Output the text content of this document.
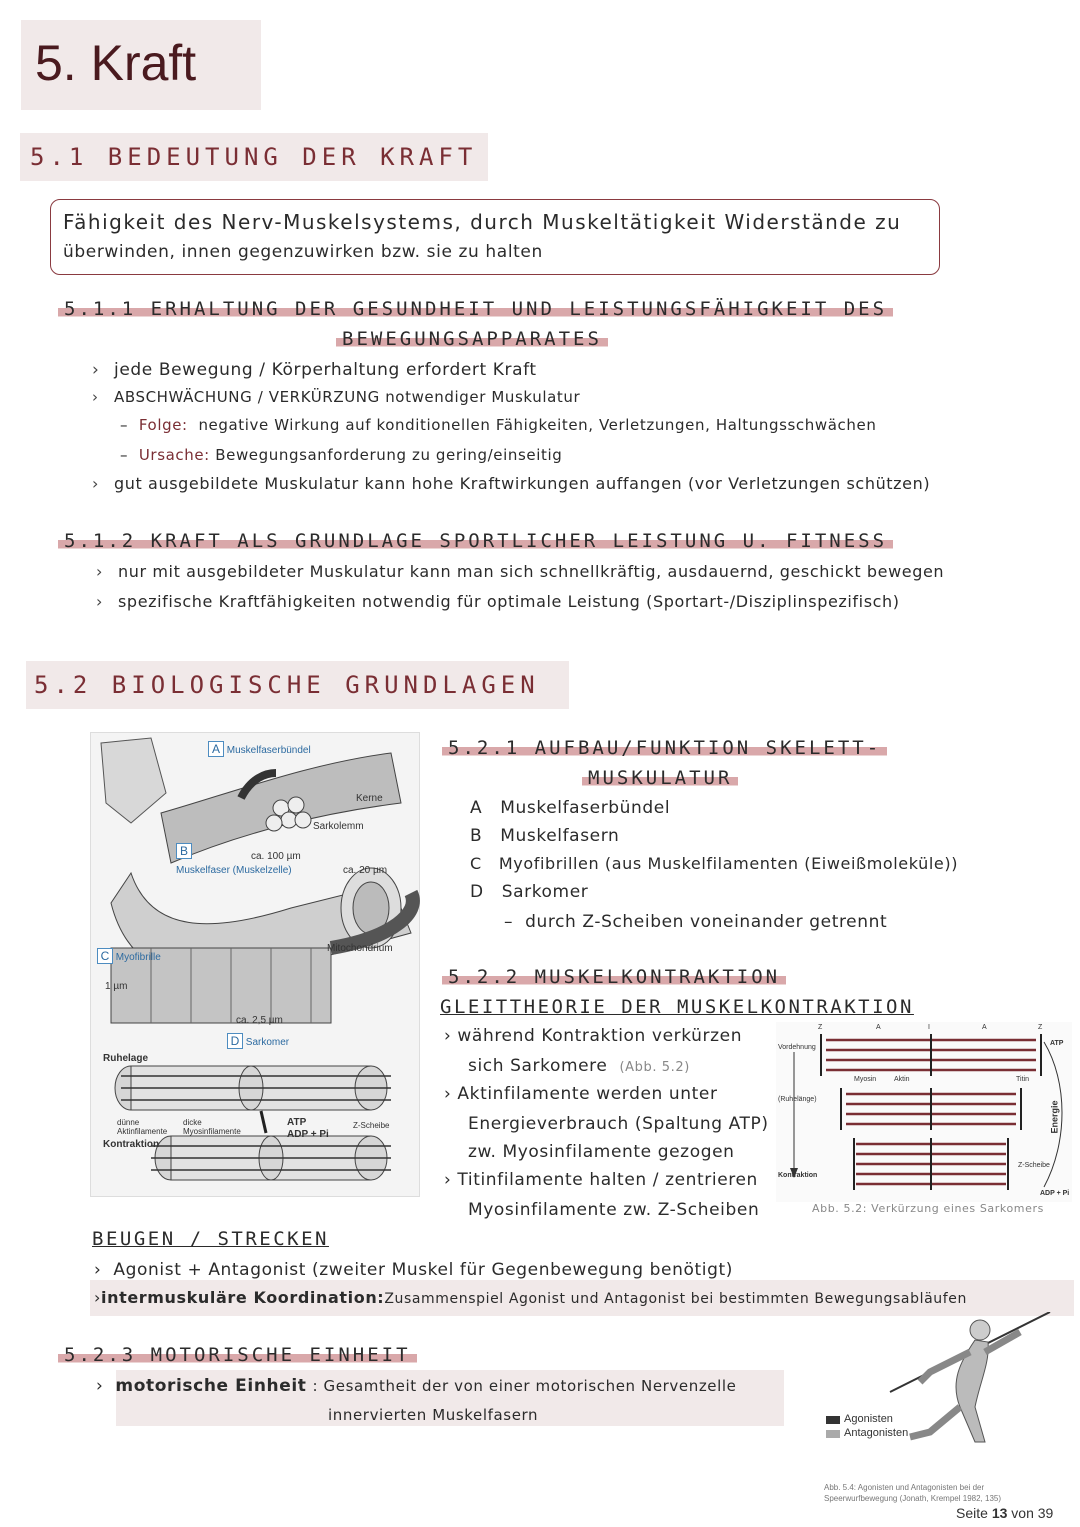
5. Kraft
5.1 BEDEUTUNG DER KRAFT
Fähigkeit des Nerv-Muskelsystems, durch Muskeltätigkeit Widerstände zu
überwinden, innen gegenzuwirken bzw. sie zu halten
5.1.1 ERHALTUNG DER GESUNDHEIT UND LEISTUNGSFÄHIGKEIT DES
BEWEGUNGSAPPARATES
› jede Bewegung / Körperhaltung erfordert Kraft
› ABSCHWÄCHUNG / VERKÜRZUNG notwendiger Muskulatur
–  Folge: negative Wirkung auf konditionellen Fähigkeiten, Verletzungen, Haltungsschwächen
–  Ursache: Bewegungsanforderung zu gering/einseitig
› gut ausgebildete Muskulatur kann hohe Kraftwirkungen auffangen (vor Verletzungen schützen)
5.1.2 KRAFT ALS GRUNDLAGE SPORTLICHER LEISTUNG U. FITNESS
› nur mit ausgebildeter Muskulatur kann man sich schnellkräftig, ausdauernd, geschickt bewegen
› spezifische Kraftfähigkeiten notwendig für optimale Leistung (Sportart-/Disziplinspezifisch)
5.2 BIOLOGISCHE GRUNDLAGEN
A Muskelfaserbündel
Kerne
Sarkolemm
ca. 100 µm
B
Muskelfaser (Muskelzelle)	ca. 20 µm
Mitochondrium
C Myofibrille
1 µm
ca. 2,5 µm
D Sarkomer
Ruhelage
dünne Aktinfilamente
dicke Myosinfilamente
ATP
ADP + Pi
Z-Scheibe
Kontraktion
5.2.1 AUFBAU/FUNKTION SKELETT-
MUSKULATUR
A Muskelfaserbündel
B Muskelfasern
C Myofibrillen (aus Muskelfilamenten (Eiweißmoleküle))
D Sarkomer
–  durch Z-Scheiben voneinander getrennt
5.2.2 MUSKELKONTRAKTION
GLEITTHEORIE DER MUSKELKONTRAKTION
› während Kontraktion verkürzen
sich Sarkomere (Abb. 5.2)
› Aktinfilamente werden unter
Energieverbrauch (Spaltung ATP)
zw. Myosinfilamente gezogen
› Titinfilamente halten / zentrieren
Myosinfilamente zw. Z-Scheiben
Vordehnung
(Ruhelänge)
Kontraktion
Myosin	Aktin	Titin
ATP
Energie
Z-Scheibe
ADP + Pi
Z	A	I	A	Z
Abb. 5.2: Verkürzung eines Sarkomers
BEUGEN / STRECKEN
› Agonist + Antagonist (zweiter Muskel für Gegenbewegung benötigt)
›intermuskuläre Koordination:Zusammenspiel Agonist und Antagonist bei bestimmten Bewegungsabläufen
5.2.3 MOTORISCHE EINHEIT
› motorische Einheit : Gesamtheit der von einer motorischen Nervenzelle
innervierten Muskelfasern	Agonisten
Antagonisten
Abb. 5.4: Agonisten und Antagonisten bei der
Speerwurfbewegung (Jonath, Krempel 1982, 135)
Seite 13 von 39
